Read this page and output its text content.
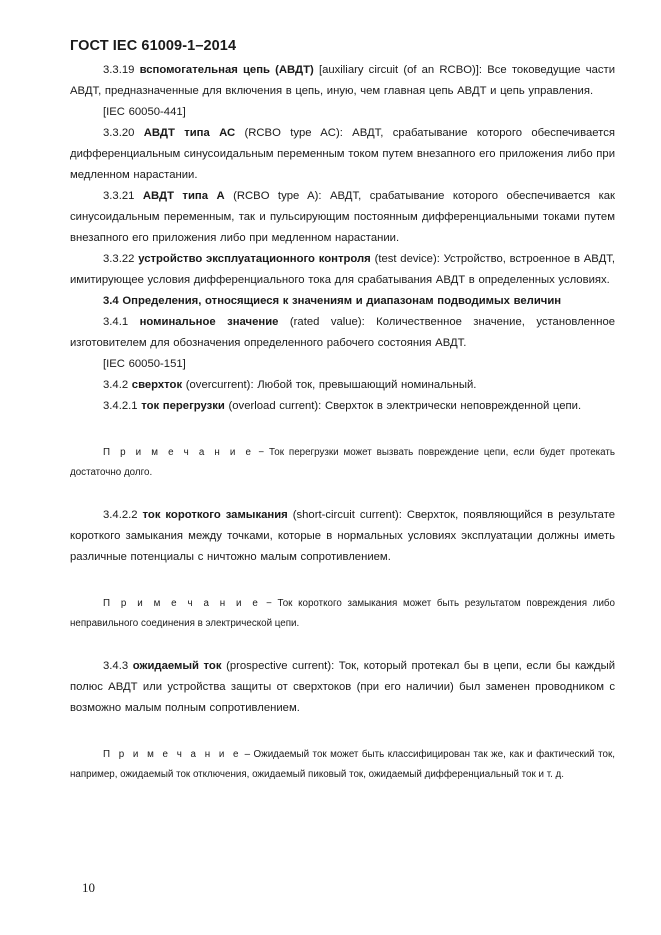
ГОСТ IEC 61009-1–2014

3.3.19 вспомогательная цепь (АВДТ) [auxiliary circuit (of an RCBO)]: Все токоведущие части АВДТ, предназначенные для включения в цепь, иную, чем главная цепь АВДТ и цепь управления.

[IEC 60050-441]

3.3.20 АВДТ типа АС (RCBO type AC): АВДТ, срабатывание которого обеспечивается дифференциальным синусоидальным переменным током путем внезапного его приложения либо при медленном нарастании.

3.3.21 АВДТ типа А (RCBO type A): АВДТ, срабатывание которого обеспечивается как синусоидальным переменным, так и пульсирующим постоянным дифференциальными токами путем внезапного его приложения либо при медленном нарастании.

3.3.22 устройство эксплуатационного контроля (test device): Устройство, встроенное в АВДТ, имитирующее условия дифференциального тока для срабатывания АВДТ в определенных условиях.

3.4 Определения, относящиеся к значениям и диапазонам подводимых величин

3.4.1 номинальное значение (rated value): Количественное значение, установленное изготовителем для обозначения определенного рабочего состояния АВДТ.

[IEC 60050-151]

3.4.2 сверхток (overcurrent): Любой ток, превышающий номинальный.

3.4.2.1 ток перегрузки (overload current): Сверхток в электрически неповрежденной цепи.

П р и м е ч а н и е − Ток перегрузки может вызвать повреждение цепи, если будет протекать достаточно долго.

3.4.2.2 ток короткого замыкания (short-circuit current): Сверхток, появляющийся в результате короткого замыкания между точками, которые в нормальных условиях эксплуатации должны иметь различные потенциалы с ничтожно малым сопротивлением.

П р и м е ч а н и е − Ток короткого замыкания может быть результатом повреждения либо неправильного соединения в электрической цепи.

3.4.3 ожидаемый ток (prospective current): Ток, который протекал бы в цепи, если бы каждый полюс АВДТ или устройства защиты от сверхтоков (при его наличии) был заменен проводником с возможно малым полным сопротивлением.

П р и м е ч а н и е – Ожидаемый ток может быть классифицирован так же, как и фактический ток, например, ожидаемый ток отключения, ожидаемый пиковый ток, ожидаемый дифференциальный ток и т. д.

10
